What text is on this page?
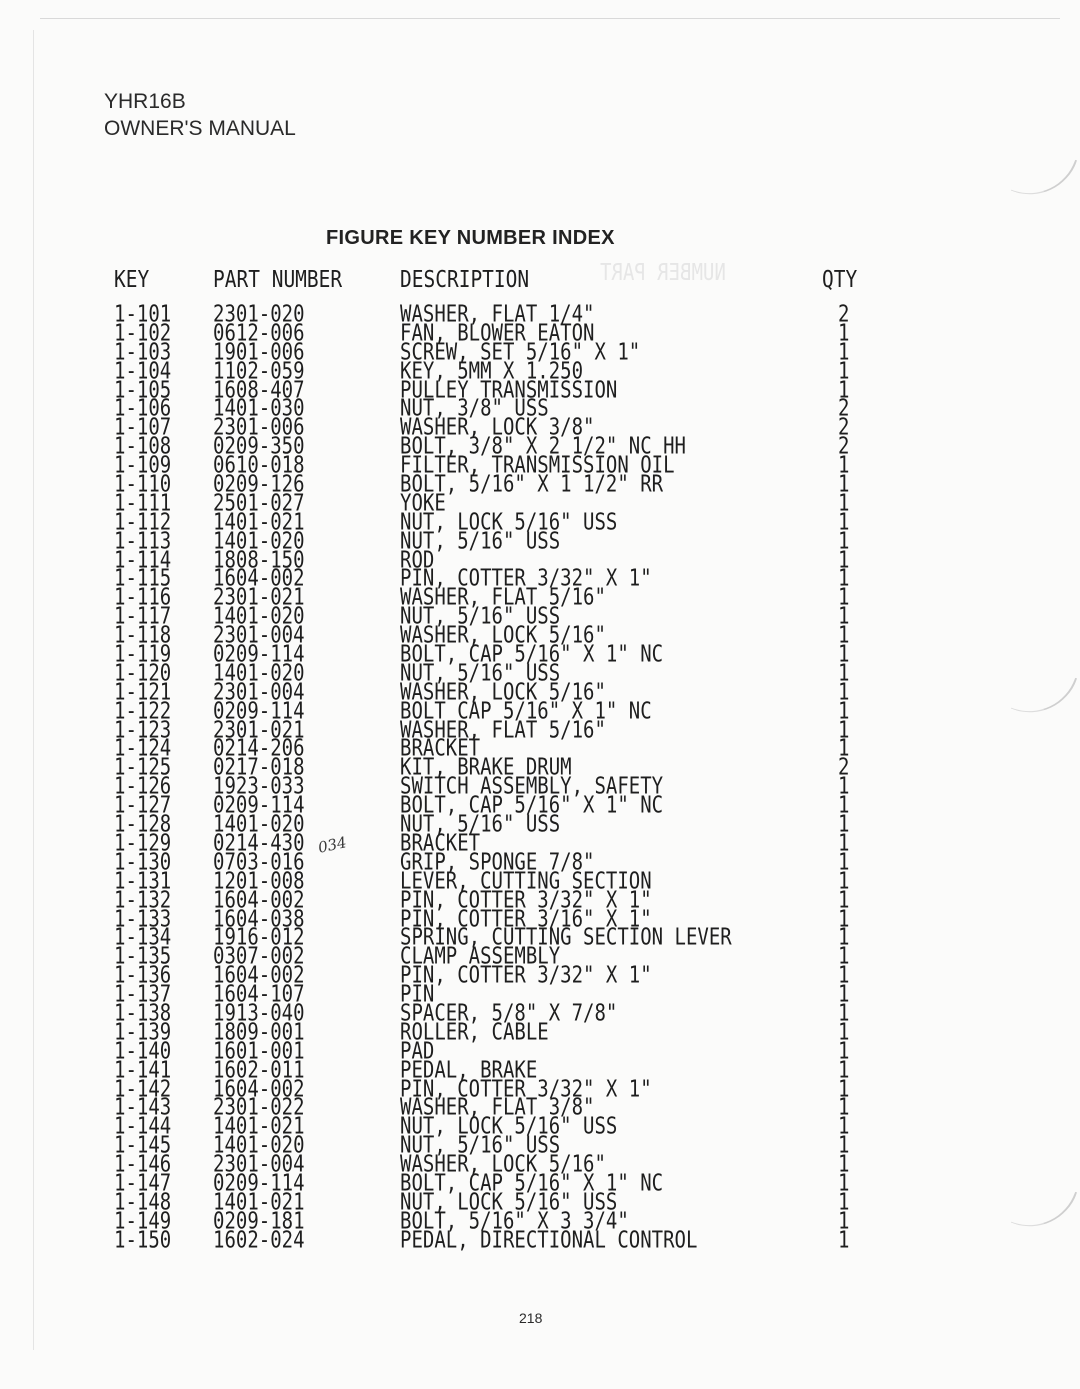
NUMBER PART
YHR16B
OWNER'S MANUAL
FIGURE KEY NUMBER INDEX
KEY	PART NUMBER	DESCRIPTION	QTY
1-101 2301-020	WASHER, FLAT 1/4"	2
1-102 0612-006	FAN, BLOWER EATON	1
1-103 1901-006	SCREW, SET 5/16" X 1"	1
1-104 1102-059	KEY, 5MM X 1.250	1
1-105 1608-407	PULLEY TRANSMISSION	1
1-106 1401-030	NUT, 3/8" USS	2
1-107 2301-006	WASHER, LOCK 3/8"	2
1-108 0209-350	BOLT, 3/8" X 2 1/2" NC HH	2
1-109 0610-018	FILTER, TRANSMISSION OIL	1
1-110 0209-126	BOLT, 5/16" X 1 1/2" RR	1
1-111 2501-027	YOKE	1
1-112 1401-021	NUT, LOCK 5/16" USS	1
1-113 1401-020	NUT, 5/16" USS	1
1-114 1808-150	ROD	1
1-115 1604-002	PIN, COTTER 3/32" X 1"	1
1-116 2301-021	WASHER, FLAT 5/16"	1
1-117 1401-020	NUT, 5/16" USS	1
1-118 2301-004	WASHER, LOCK 5/16"	1
1-119 0209-114	BOLT, CAP 5/16" X 1" NC	1
1-120 1401-020	NUT, 5/16" USS	1
1-121 2301-004	WASHER, LOCK 5/16"	1
1-122 0209-114	BOLT CAP 5/16" X 1" NC	1
1-123 2301-021	WASHER, FLAT 5/16"	1
1-124 0214-206	BRACKET	1
1-125 0217-018	KIT, BRAKE DRUM	2
1-126 1923-033	SWITCH ASSEMBLY, SAFETY	1
1-127 0209-114	BOLT, CAP 5/16" X 1" NC	1
1-128 1401-020	NUT, 5/16" USS	1
1-129 0214-430	BRACKET	1
1-130 0703-016	GRIP, SPONGE 7/8"	1
1-131 1201-008	LEVER, CUTTING SECTION	1
1-132 1604-002	PIN, COTTER 3/32" X 1"	1
1-133 1604-038	PIN, COTTER 3/16" X 1"	1
1-134 1916-012	SPRING, CUTTING SECTION LEVER	1
1-135 0307-002	CLAMP ASSEMBLY	1
1-136 1604-002	PIN, COTTER 3/32" X 1"	1
1-137 1604-107	PIN	1
1-138 1913-040	SPACER, 5/8" X 7/8"	1
1-139 1809-001	ROLLER, CABLE	1
1-140 1601-001	PAD	1
1-141 1602-011	PEDAL, BRAKE	1
1-142 1604-002	PIN, COTTER 3/32" X 1"	1
1-143 2301-022	WASHER, FLAT 3/8"	1
1-144 1401-021	NUT, LOCK 5/16" USS	1
1-145 1401-020	NUT, 5/16" USS	1
1-146 2301-004	WASHER, LOCK 5/16"	1
1-147 0209-114	BOLT, CAP 5/16" X 1" NC	1
1-148 1401-021	NUT, LOCK 5/16" USS	1
1-149 0209-181	BOLT, 5/16" X 3 3/4"	1
1-150 1602-024	PEDAL, DIRECTIONAL CONTROL	1
034
218
